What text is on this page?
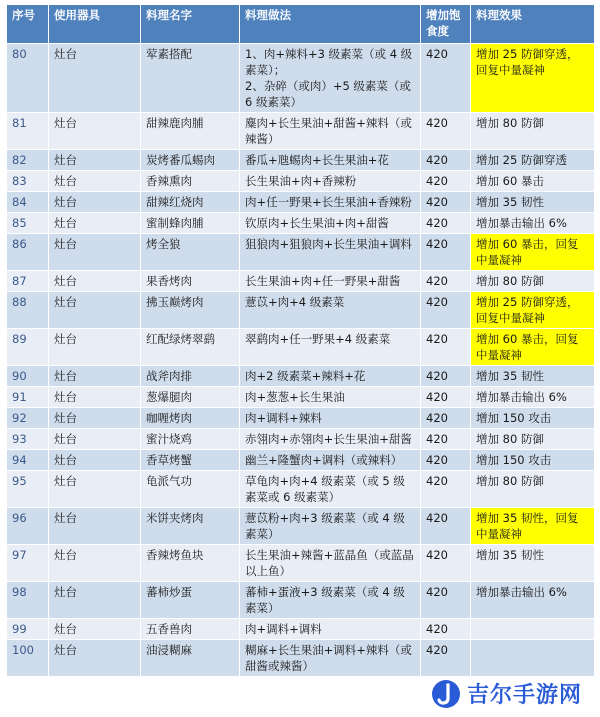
序号	使用器具	料理名字	料理做法	增加饱食度	料理效果
80	灶台	荤素搭配	1、肉+辣料+3 级素菜（或 4 级素菜）；
2、杂碎（或肉）+5 级素菜（或 6 级素菜）	420	增加 25 防御穿透，回复中量凝神
81	灶台	甜辣鹿肉脯	麋肉+长生果油+甜酱+辣料（或辣酱）	420	增加 80 防御
82	灶台	炭烤番瓜蜴肉	番瓜+虺蜴肉+长生果油+花	420	增加 25 防御穿透
83	灶台	香辣熏肉	长生果油+肉+香辣粉	420	增加 60 暴击
84	灶台	甜辣红烧肉	肉+任一野果+长生果油+香辣粉	420	增加 35 韧性
85	灶台	蜜制蜂肉脯	钦原肉+长生果油+肉+甜酱	420	增加暴击输出 6%
86	灶台	烤全狼	狙狼肉+狙狼肉+长生果油+调料	420	增加 60 暴击，回复中量凝神
87	灶台	果香烤肉	长生果油+肉+任一野果+甜酱	420	增加 80 防御
88	灶台	拂玉巅烤肉	薏苡+肉+4 级素菜	420	增加 25 防御穿透，回复中量凝神
89	灶台	红配绿烤翠鹞	翠鹞肉+任一野果+4 级素菜	420	增加 60 暴击，回复中量凝神
90	灶台	战斧肉排	肉+2 级素菜+辣料+花	420	增加 35 韧性
91	灶台	葱爆腿肉	肉+葱葱+长生果油	420	增加暴击输出 6%
92	灶台	咖喱烤肉	肉+调料+辣料	420	增加 150 攻击
93	灶台	蜜汁烧鸡	赤翎肉+赤翎肉+长生果油+甜酱	420	增加 80 防御
94	灶台	香草烤蟹	幽兰+隆蟹肉+调料（或辣料）	420	增加 150 攻击
95	灶台	龟派气功	草龟肉+肉+4 级素菜（或 5 级素菜或 6 级素菜）	420	增加 80 防御
96	灶台	米饼夹烤肉	薏苡粉+肉+3 级素菜（或 4 级素菜）	420	增加 35 韧性，回复中量凝神
97	灶台	香辣烤鱼块	长生果油+辣酱+蓝晶鱼（或蓝晶以上鱼）	420	增加 35 韧性
98	灶台	蕃柿炒蛋	蕃柿+蛋液+3 级素菜（或 4 级素菜）	420	增加暴击输出 6%
99	灶台	五香兽肉	肉+调料+调料	420	
100	灶台	油浸糊麻	糊麻+长生果油+调料+辣料（或甜酱或辣酱）	420	
吉尔手游网
